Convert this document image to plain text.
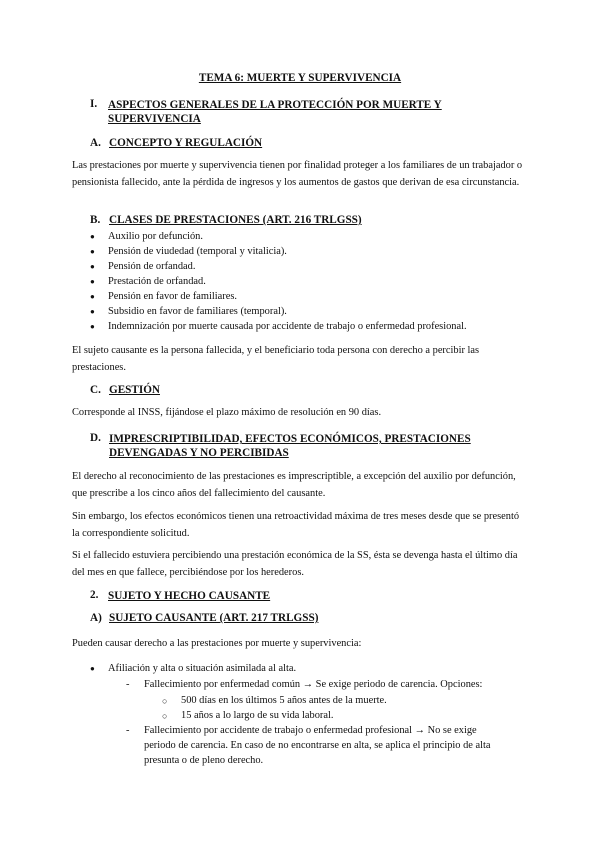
TEMA 6: MUERTE Y SUPERVIVENCIA
I. ASPECTOS GENERALES DE LA PROTECCIÓN POR MUERTE Y SUPERVIVENCIA
A. CONCEPTO Y REGULACIÓN
Las prestaciones por muerte y supervivencia tienen por finalidad proteger a los familiares de un trabajador o pensionista fallecido, ante la pérdida de ingresos y los aumentos de gastos que derivan de esa circunstancia.
B. CLASES DE PRESTACIONES (ART. 216 TRLGSS)
● Auxilio por defunción.
● Pensión de viudedad (temporal y vitalicia).
● Pensión de orfandad.
● Prestación de orfandad.
● Pensión en favor de familiares.
● Subsidio en favor de familiares (temporal).
● Indemnización por muerte causada por accidente de trabajo o enfermedad profesional.
El sujeto causante es la persona fallecida, y el beneficiario toda persona con derecho a percibir las prestaciones.
C. GESTIÓN
Corresponde al INSS, fijándose el plazo máximo de resolución en 90 días.
D. IMPRESCRIPTIBILIDAD, EFECTOS ECONÓMICOS, PRESTACIONES DEVENGADAS Y NO PERCIBIDAS
El derecho al reconocimiento de las prestaciones es imprescriptible, a excepción del auxilio por defunción, que prescribe a los cinco años del fallecimiento del causante.
Sin embargo, los efectos económicos tienen una retroactividad máxima de tres meses desde que se presentó la correspondiente solicitud.
Si el fallecido estuviera percibiendo una prestación económica de la SS, ésta se devenga hasta el último día del mes en que fallece, percibiéndose por los herederos.
2. SUJETO Y HECHO CAUSANTE
A) SUJETO CAUSANTE (ART. 217 TRLGSS)
Pueden causar derecho a las prestaciones por muerte y supervivencia:
● Afiliación y alta o situación asimilada al alta.
- Fallecimiento por enfermedad común → Se exige periodo de carencia. Opciones:
○ 500 días en los últimos 5 años antes de la muerte.
○ 15 años a lo largo de su vida laboral.
- Fallecimiento por accidente de trabajo o enfermedad profesional → No se exige
periodo de carencia. En caso de no encontrarse en alta, se aplica el principio de alta
presunta o de pleno derecho.
